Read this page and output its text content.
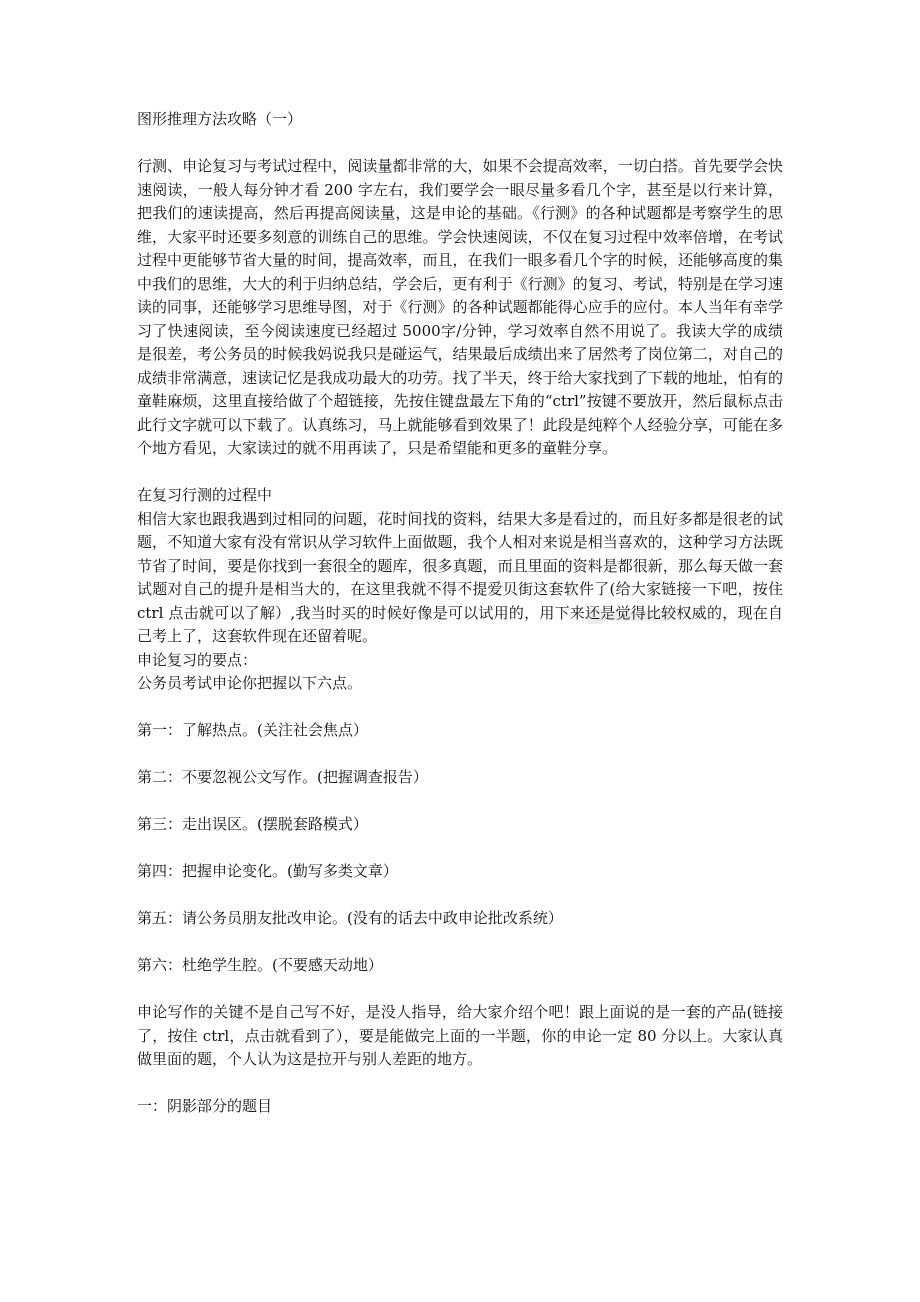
图形推理方法攻略（一）

行测、申论复习与考试过程中，阅读量都非常的大，如果不会提高效率，一切白搭。首先要学会快速阅读，一般人每分钟才看 200 字左右，我们要学会一眼尽量多看几个字，甚至是以行来计算，把我们的速读提高，然后再提高阅读量，这是申论的基础。《行测》的各种试题都是考察学生的思维，大家平时还要多刻意的训练自己的思维。学会快速阅读，不仅在复习过程中效率倍增，在考试过程中更能够节省大量的时间，提高效率，而且，在我们一眼多看几个字的时候，还能够高度的集中我们的思维，大大的利于归纳总结，学会后，更有利于《行测》的复习、考试，特别是在学习速读的同事，还能够学习思维导图，对于《行测》的各种试题都能得心应手的应付。本人当年有幸学习了快速阅读，至今阅读速度已经超过 5000字/分钟，学习效率自然不用说了。我读大学的成绩是很差，考公务员的时候我妈说我只是碰运气，结果最后成绩出来了居然考了岗位第二，对自己的成绩非常满意，速读记忆是我成功最大的功劳。找了半天，终于给大家找到了下载的地址，怕有的童鞋麻烦，这里直接给做了个超链接，先按住键盘最左下角的“ctrl”按键不要放开，然后鼠标点击此行文字就可以下载了。认真练习，马上就能够看到效果了！此段是纯粹个人经验分享，可能在多个地方看见，大家读过的就不用再读了，只是希望能和更多的童鞋分享。

在复习行测的过程中

相信大家也跟我遇到过相同的问题，花时间找的资料，结果大多是看过的，而且好多都是很老的试题，不知道大家有没有常识从学习软件上面做题，我个人相对来说是相当喜欢的，这种学习方法既节省了时间，要是你找到一套很全的题库，很多真题，而且里面的资料是都很新，那么每天做一套试题对自己的提升是相当大的，在这里我就不得不提爱贝街这套软件了(给大家链接一下吧，按住 ctrl 点击就可以了解）,我当时买的时候好像是可以试用的，用下来还是觉得比较权威的，现在自己考上了，这套软件现在还留着呢。

申论复习的要点：

公务员考试申论你把握以下六点。

第一：了解热点。(关注社会焦点）

第二：不要忽视公文写作。(把握调查报告）

第三：走出误区。(摆脱套路模式）

第四：把握申论变化。(勤写多类文章）

第五：请公务员朋友批改申论。(没有的话去中政申论批改系统）

第六：杜绝学生腔。(不要感天动地）

申论写作的关键不是自己写不好，是没人指导，给大家介绍个吧！跟上面说的是一套的产品(链接了，按住 ctrl，点击就看到了），要是能做完上面的一半题，你的申论一定 80 分以上。大家认真做里面的题，个人认为这是拉开与别人差距的地方。

一：阴影部分的题目
